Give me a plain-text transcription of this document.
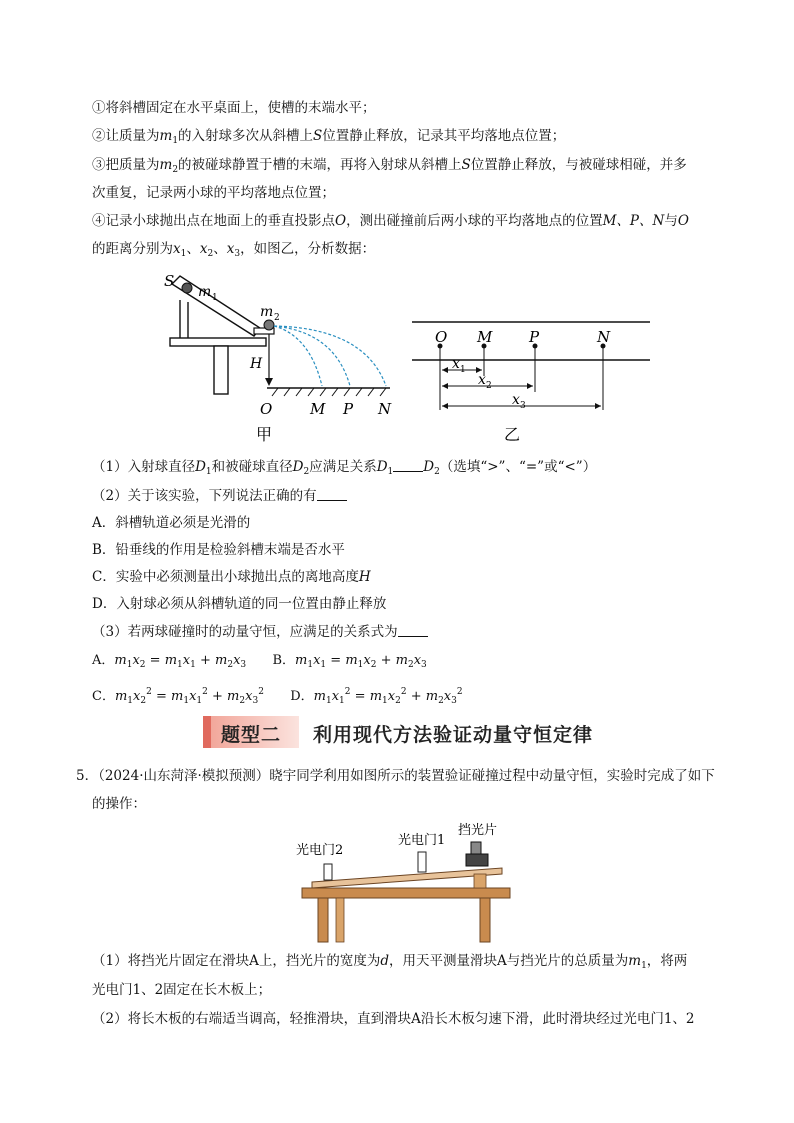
①将斜槽固定在水平桌面上，使槽的末端水平；
②让质量为$m_1$的入射球多次从斜槽上S位置静止释放，记录其平均落地点位置；
③把质量为$m_2$的被碰球静置于槽的末端，再将入射球从斜槽上S位置静止释放，与被碰球相碰，并多
次重复，记录两小球的平均落地点位置；
④记录小球抛出点在地面上的垂直投影点O，测出碰撞前后两小球的平均落地点的位置M、P、N与O
的距离分别为$x_1$、$x_2$、$x_3$，如图乙，分析数据：
S
m 1
m 2
H
O	M P N
甲
O M P	N
x 1
x 2
x 3
乙
（1）入射球直径$D_1$和被碰球直径$D_2$应满足关系$D_1$ $D_2$（选填“>”、“=”或“<”）
（2）关于该实验，下列说法正确的有
A．斜槽轨道必须是光滑的
B．铅垂线的作用是检验斜槽末端是否水平
C．实验中必须测量出小球抛出点的离地高度H
D．入射球必须从斜槽轨道的同一位置由静止释放
（3）若两球碰撞时的动量守恒，应满足的关系式为
A．$m_1x_2 = m_1x_1 + m_2x_3$ B．$m_1x_1 = m_1x_2 + m_2x_3$
C．$m_1x_2^2 = m_1x_1^2 + m_2x_3^2$ D．$m_1x_1^2 = m_1x_2^2 + m_2x_3^2$
题型二 利用现代方法验证动量守恒定律
5．（2024·山东菏泽·模拟预测）晓宇同学利用如图所示的装置验证碰撞过程中动量守恒，实验时完成了如下
的操作：
光电门2
光电门1
挡光片
（1）将挡光片固定在滑块A上，挡光片的宽度为d，用天平测量滑块A与挡光片的总质量为$m_1$，将两
光电门1、2固定在长木板上；
（2）将长木板的右端适当调高，轻推滑块，直到滑块A沿长木板匀速下滑，此时滑块经过光电门1、2
